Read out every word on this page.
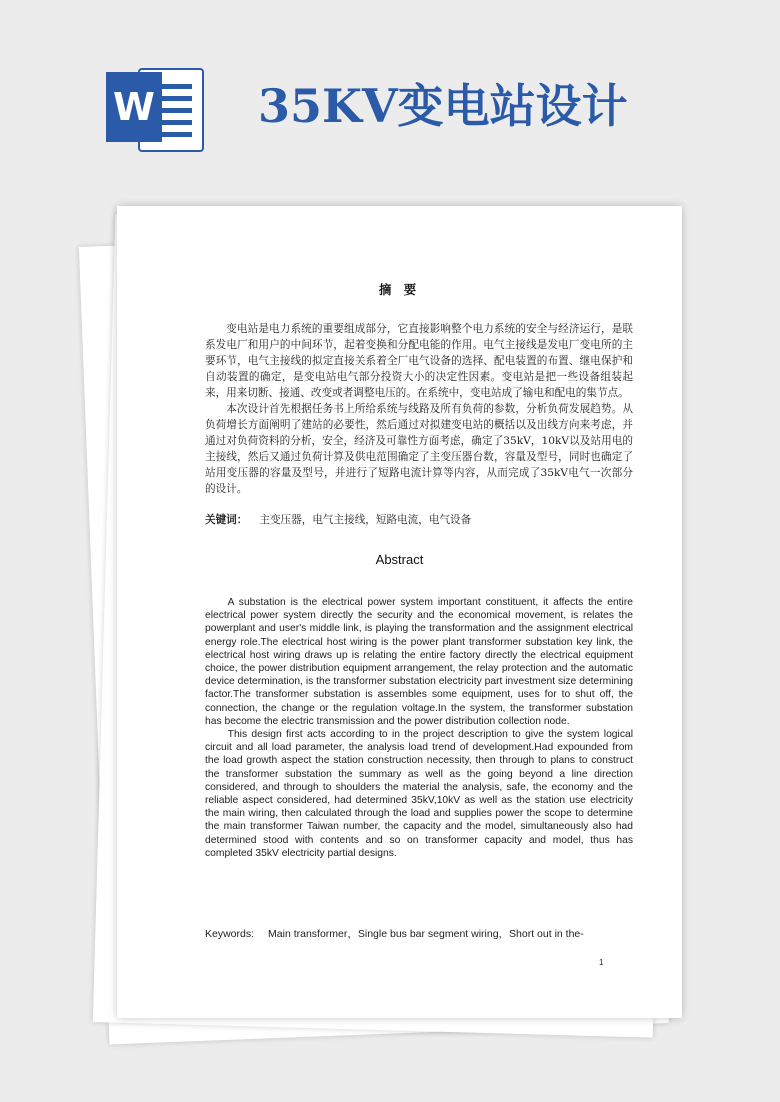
W 35KV变电站设计
摘 要

变电站是电力系统的重要组成部分，它直接影响整个电力系统的安全与经济运行，是联系发电厂和用户的中间环节，起着变换和分配电能的作用。电气主接线是发电厂变电所的主要环节，电气主接线的拟定直接关系着全厂电气设备的选择、配电装置的布置、继电保护和自动装置的确定，是变电站电气部分投资大小的决定性因素。变电站是把一些设备组装起来，用来切断、接通、改变或者调整电压的。在系统中，变电站成了输电和配电的集节点。

本次设计首先根据任务书上所给系统与线路及所有负荷的参数，分析负荷发展趋势。从负荷增长方面阐明了建站的必要性，然后通过对拟建变电站的概括以及出线方向来考虑，并通过对负荷资料的分析，安全，经济及可靠性方面考虑，确定了35kV，10kV以及站用电的主接线，然后又通过负荷计算及供电范围确定了主变压器台数，容量及型号，同时也确定了站用变压器的容量及型号，并进行了短路电流计算等内容，从而完成了35kV电气一次部分的设计。

关键词： 主变压器，电气主接线，短路电流，电气设备
Abstract

A substation is the electrical power system important constituent, it affects the entire electrical power system directly the security and the economical movement, is relates the powerplant and user's middle link, is playing the transformation and the assignment electrical energy role.The electrical host wiring is the power plant transformer substation key link, the electrical host wiring draws up is relating the entire factory directly the electrical equipment choice, the power distribution equipment arrangement, the relay protection and the automatic device determination, is the transformer substation electricity part investment size determining factor.The transformer substation is assembles some equipment, uses for to shut off, the connection, the change or the regulation voltage.In the system, the transformer substation has become the electric transmission and the power distribution collection node.

This design first acts according to in the project description to give the system logical circuit and all load parameter, the analysis load trend of development.Had expounded from the load growth aspect the station construction necessity, then through to plans to construct the transformer substation the summary as well as the going beyond a line direction considered, and through to shoulders the material the analysis, safe, the economy and the reliable aspect considered, had determined 35kV,10kV as well as the station use electricity the main wiring, then calculated through the load and supplies power the scope to determine the main transformer Taiwan number, the capacity and the model, simultaneously also had determined stood with contents and so on transformer capacity and model, thus has completed 35kV electricity partial designs.

Keywords: Main transformer，Single bus bar segment wiring，Short out in the-
1
